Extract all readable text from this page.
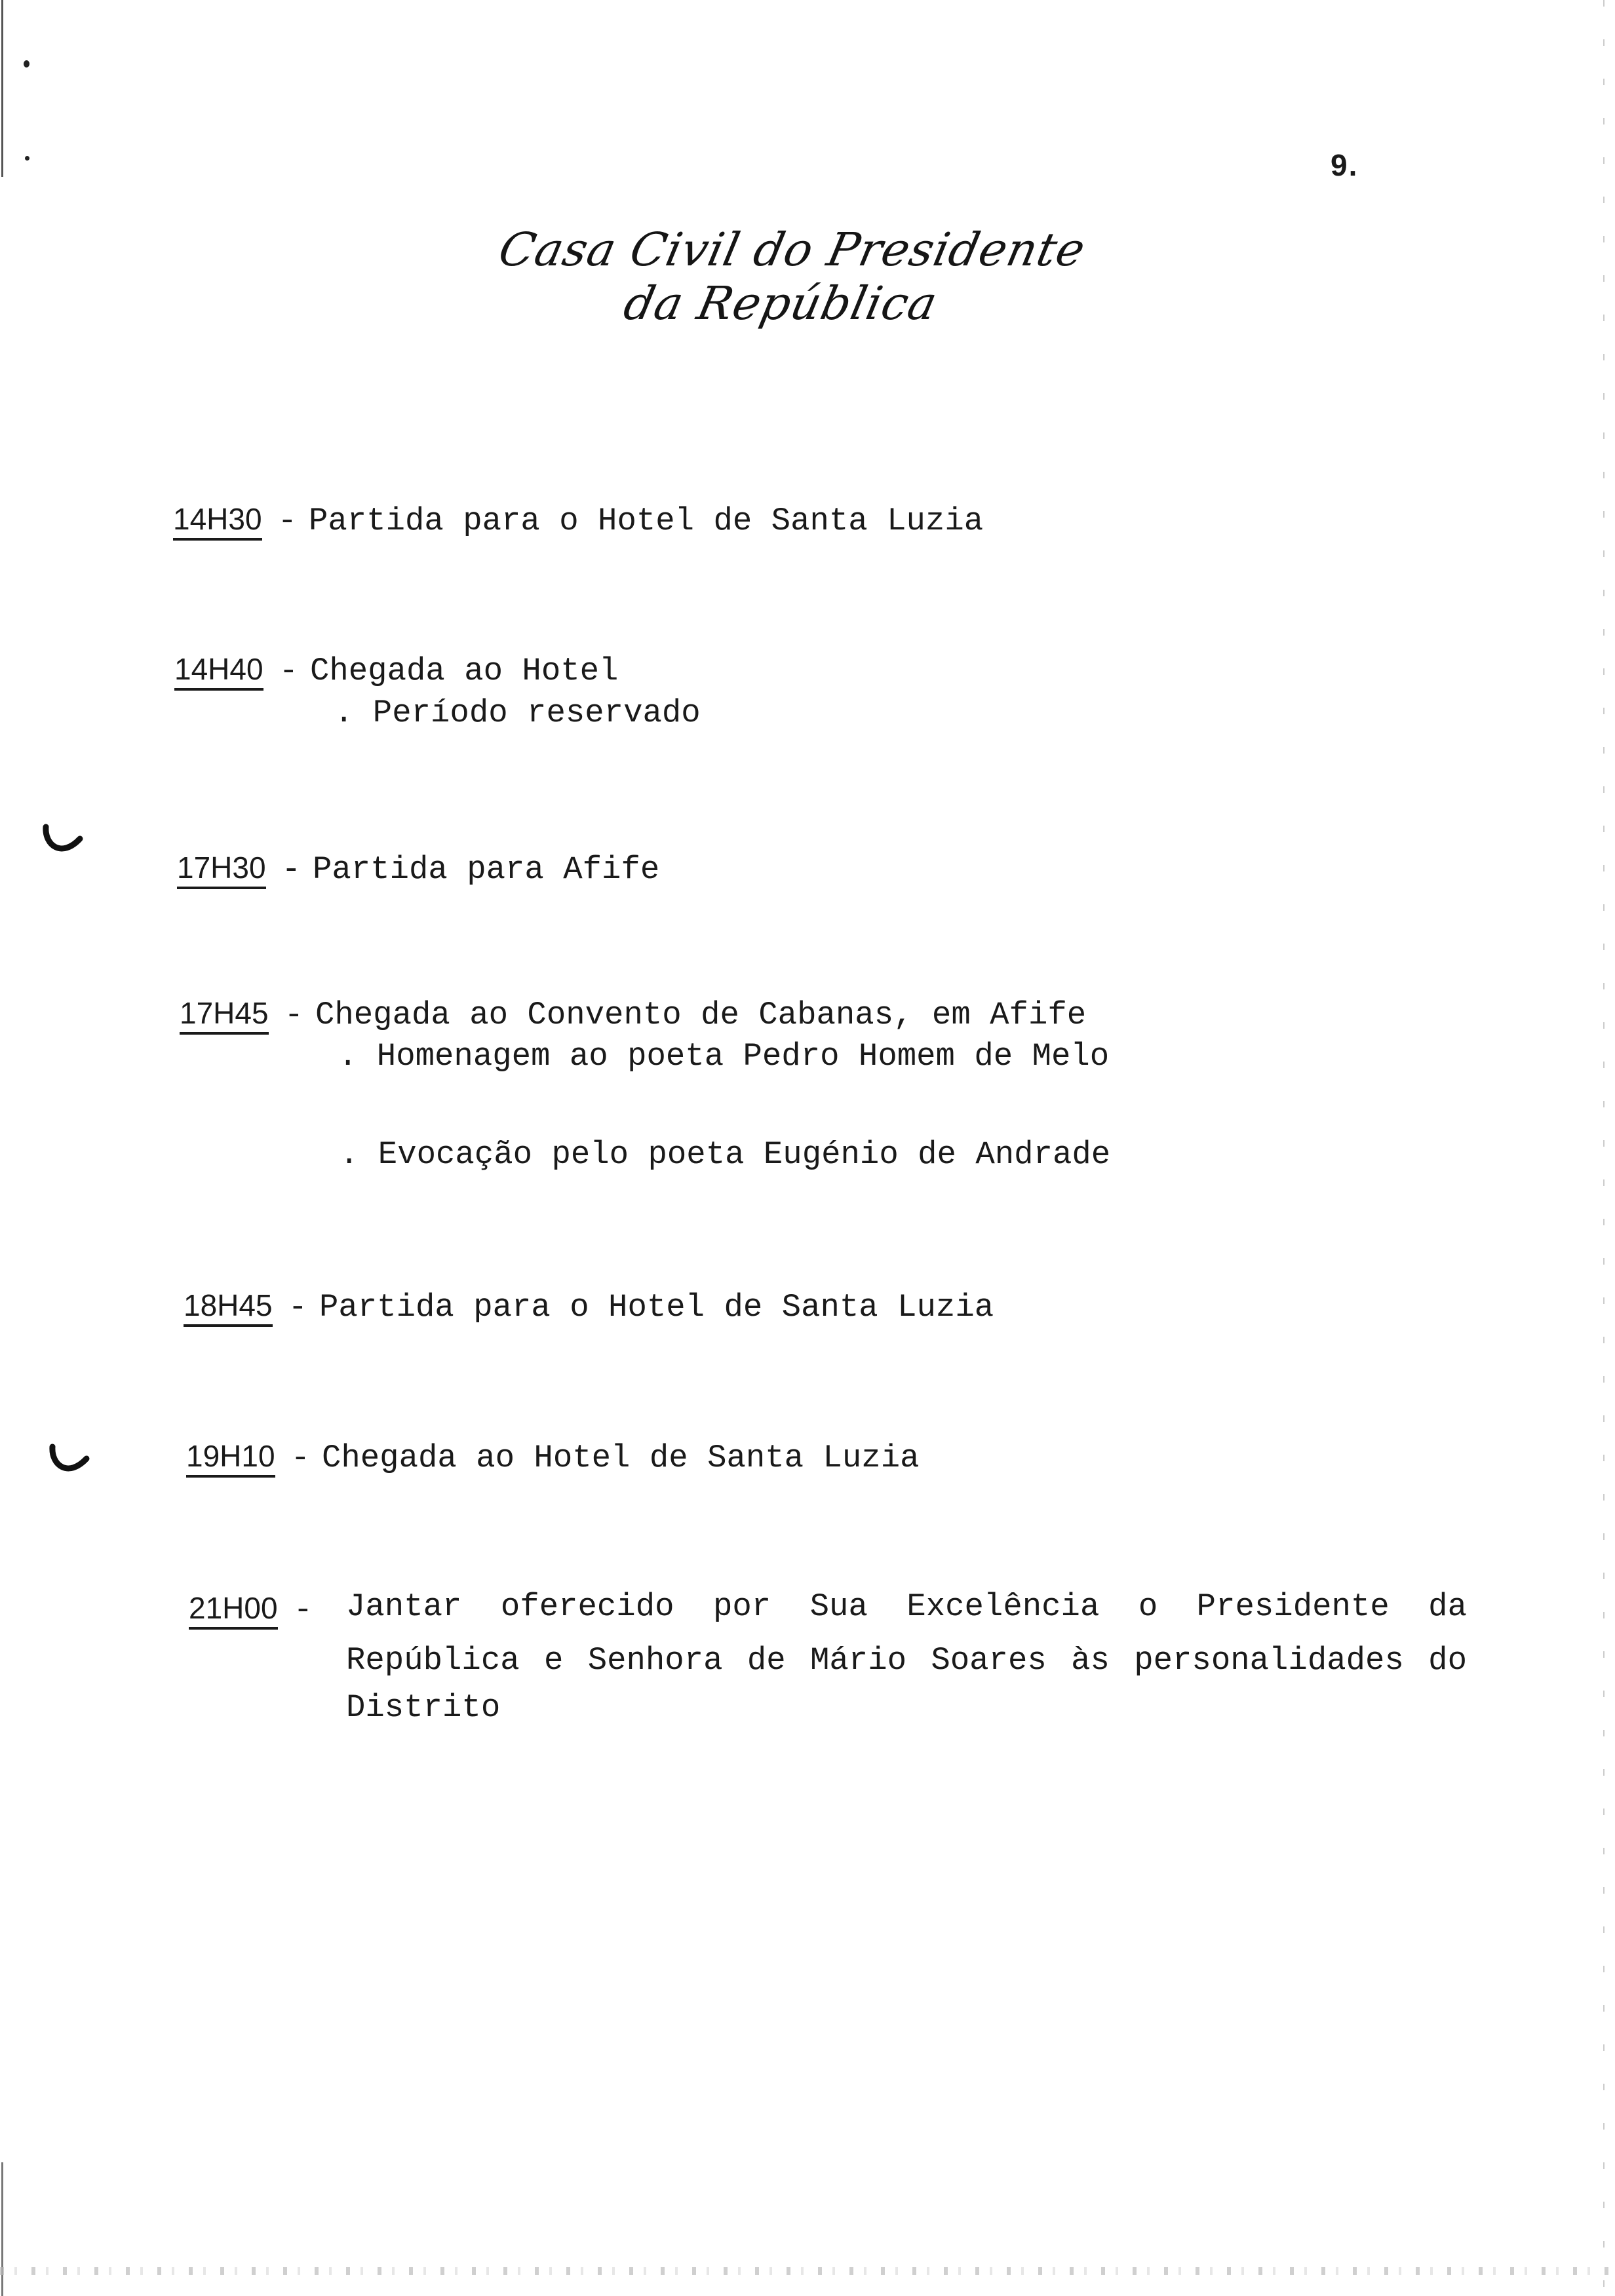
9.
Casa Civil do Presidente da República
14H30 - Partida para o Hotel de Santa Luzia
14H40 - Chegada ao Hotel
. Período reservado
17H30 - Partida para Afife
17H45 - Chegada ao Convento de Cabanas, em Afife
. Homenagem ao poeta Pedro Homem de Melo
. Evocação pelo poeta Eugénio de Andrade
18H45 - Partida para o Hotel de Santa Luzia
19H10 - Chegada ao Hotel de Santa Luzia
21H00 -	Jantar oferecido por Sua Excelência o Presidente da
República e Senhora de Mário Soares às personalidades do
Distrito
